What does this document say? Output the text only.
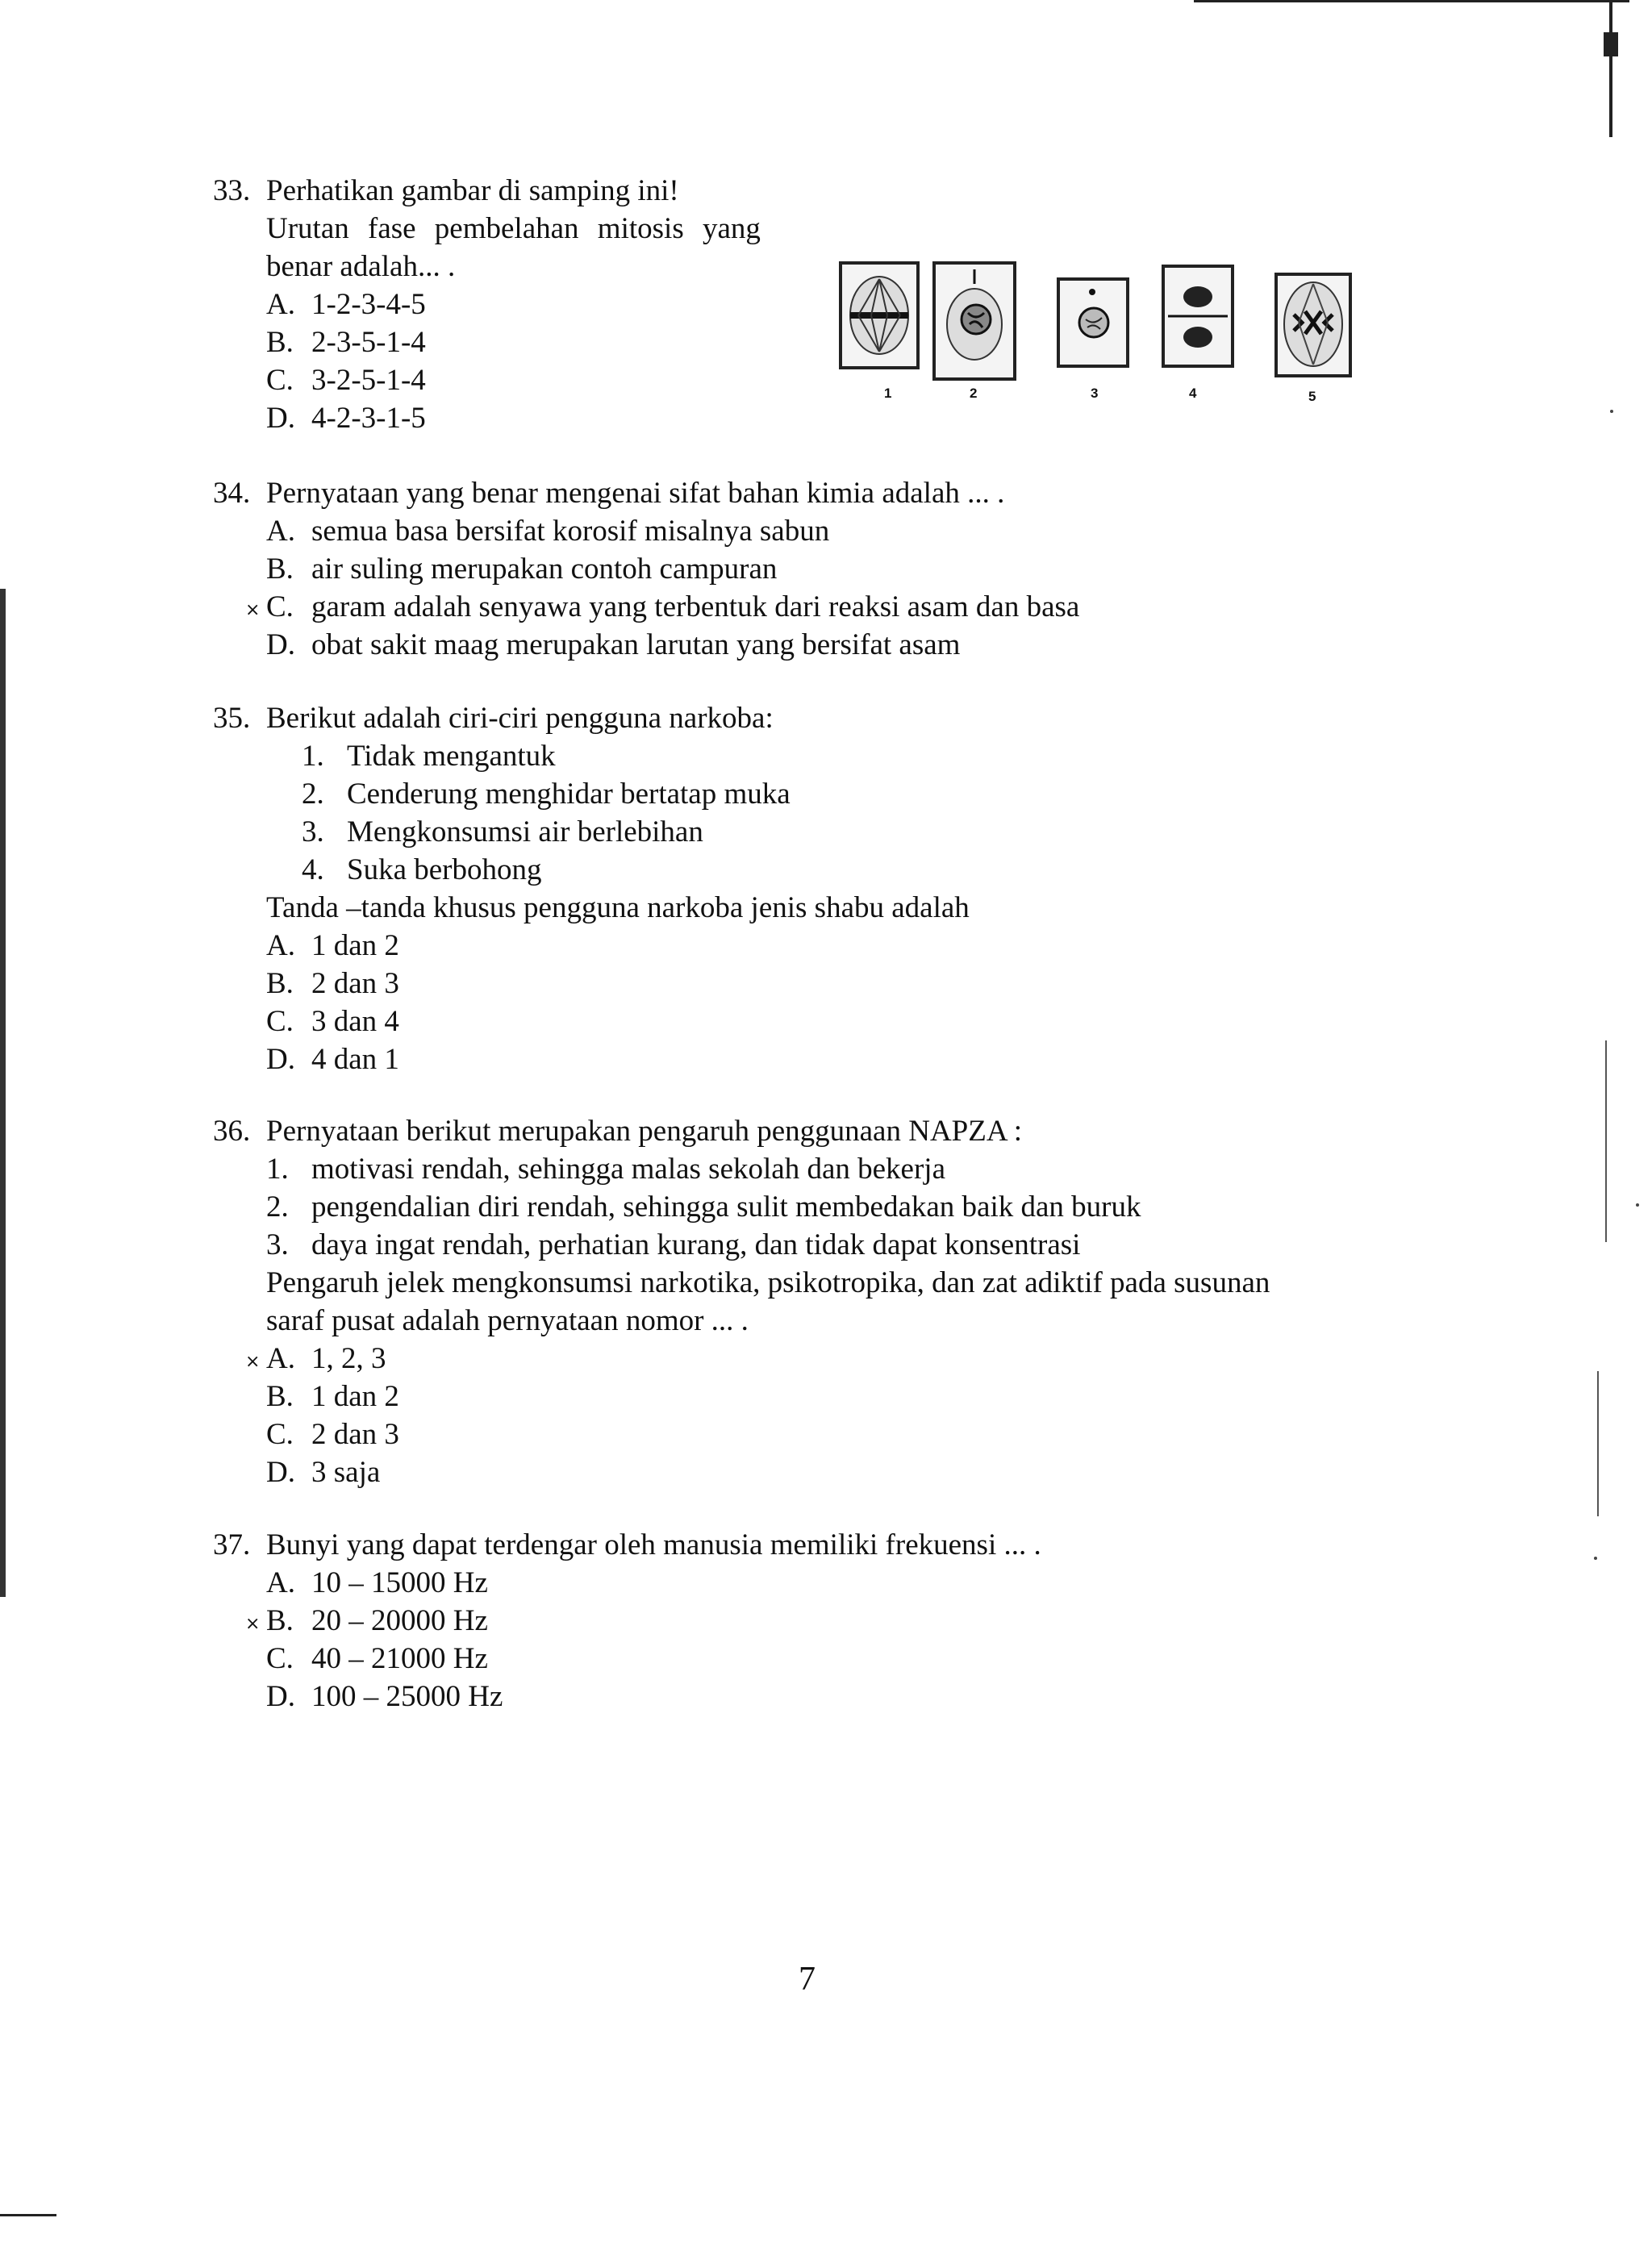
33. Perhatikan gambar di samping ini!
Urutan fase pembelahan mitosis yang
benar adalah... .
A. 1-2-3-4-5
B. 2-3-5-1-4
C. 3-2-5-1-4
D. 4-2-3-1-5
1	2	3	4	5
34. Pernyataan yang benar mengenai sifat bahan kimia adalah ... .
A. semua basa bersifat korosif misalnya sabun
B. air suling merupakan contoh campuran
× C. garam adalah senyawa yang terbentuk dari reaksi asam dan basa
D. obat sakit maag merupakan larutan yang bersifat asam
35. Berikut adalah ciri-ciri pengguna narkoba:
1. Tidak mengantuk
2. Cenderung menghidar bertatap muka
3. Mengkonsumsi air berlebihan
4. Suka berbohong
Tanda –tanda khusus pengguna narkoba jenis shabu adalah
A. 1 dan 2
B. 2 dan 3
C. 3 dan 4
D. 4 dan 1
36. Pernyataan berikut merupakan pengaruh penggunaan NAPZA :
1. motivasi rendah, sehingga malas sekolah dan bekerja
2. pengendalian diri rendah, sehingga sulit membedakan baik dan buruk
3. daya ingat rendah, perhatian kurang, dan tidak dapat konsentrasi
Pengaruh jelek mengkonsumsi narkotika, psikotropika, dan zat adiktif pada susunan
saraf pusat adalah pernyataan nomor ... .
× A. 1, 2, 3
B. 1 dan 2
C. 2 dan 3
D. 3 saja
37. Bunyi yang dapat terdengar oleh manusia memiliki frekuensi ... .
A. 10 – 15000 Hz
× B. 20 – 20000 Hz
C. 40 – 21000 Hz
D. 100 – 25000 Hz
7
